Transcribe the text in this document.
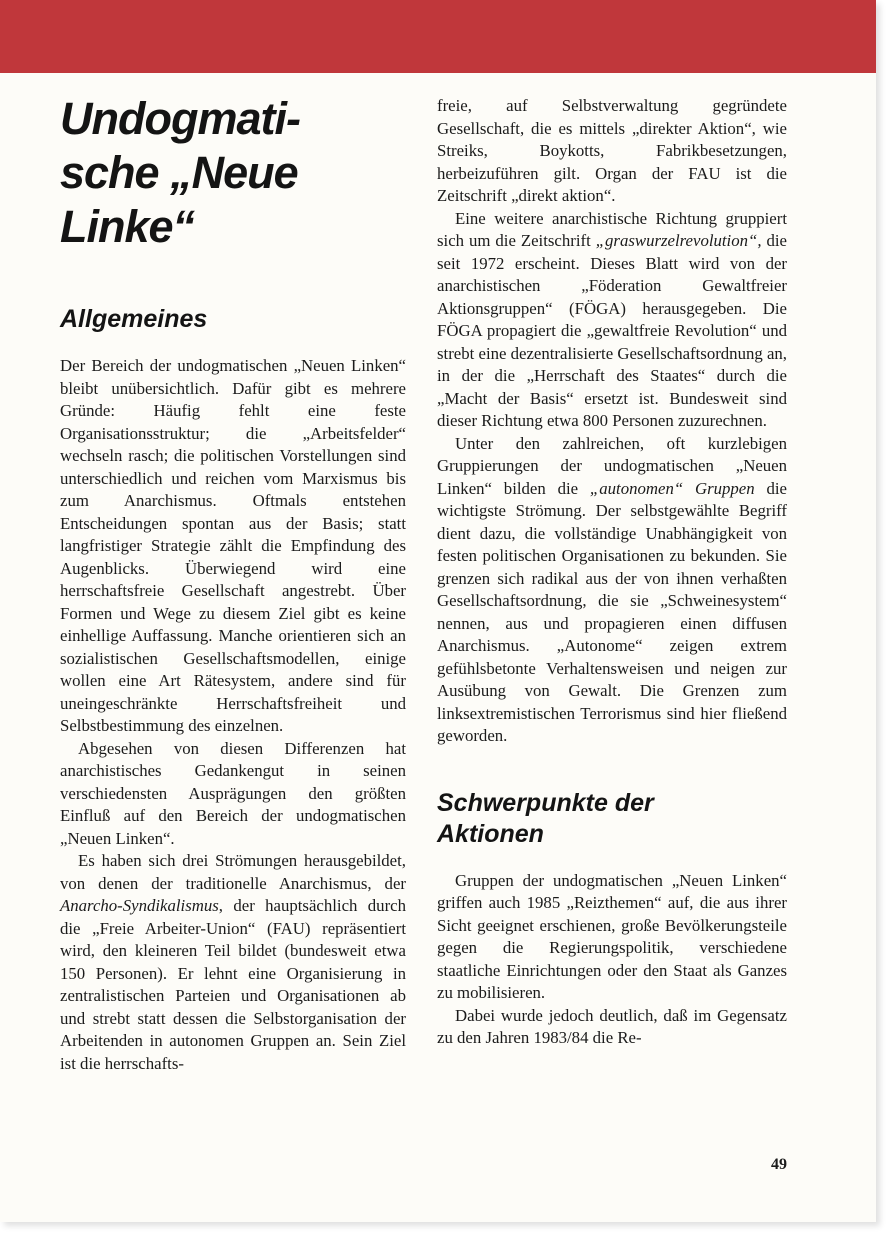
Undogmati-
sche „Neue
Linke“
Allgemeines

Der Bereich der undogmatischen „Neuen Linken“ bleibt unübersichtlich. Dafür gibt es mehrere Gründe: Häufig fehlt eine feste Organisationsstruktur; die „Arbeitsfelder“ wechseln rasch; die politischen Vorstellungen sind unterschiedlich und reichen vom Marxismus bis zum Anarchismus. Oftmals entstehen Entscheidungen spontan aus der Basis; statt langfristiger Strategie zählt die Empfindung des Augenblicks. Überwiegend wird eine herrschaftsfreie Gesellschaft angestrebt. Über Formen und Wege zu diesem Ziel gibt es keine einhellige Auffassung. Manche orientieren sich an sozialistischen Gesellschaftsmodellen, einige wollen eine Art Rätesystem, andere sind für uneingeschränkte Herrschaftsfreiheit und Selbstbestimmung des einzelnen.

Abgesehen von diesen Differenzen hat anarchistisches Gedankengut in seinen verschiedensten Ausprägungen den größten Einfluß auf den Bereich der undogmatischen „Neuen Linken“.

Es haben sich drei Strömungen herausgebildet, von denen der traditionelle Anarchismus, der Anarcho-Syndikalismus, der hauptsächlich durch die „Freie Arbeiter-Union“ (FAU) repräsentiert wird, den kleineren Teil bildet (bundesweit etwa 150 Personen). Er lehnt eine Organisierung in zentralistischen Parteien und Organisationen ab und strebt statt dessen die Selbstorganisation der Arbeitenden in autonomen Gruppen an. Sein Ziel ist die herrschafts-

freie, auf Selbstverwaltung gegründete Gesellschaft, die es mittels „direkter Aktion“, wie Streiks, Boykotts, Fabrikbesetzungen, herbeizuführen gilt. Organ der FAU ist die Zeitschrift „direkt aktion“.

Eine weitere anarchistische Richtung gruppiert sich um die Zeitschrift „graswurzelrevolution“, die seit 1972 erscheint. Dieses Blatt wird von der anarchistischen „Föderation Gewaltfreier Aktionsgruppen“ (FÖGA) herausgegeben. Die FÖGA propagiert die „gewaltfreie Revolution“ und strebt eine dezentralisierte Gesellschaftsordnung an, in der die „Herrschaft des Staates“ durch die „Macht der Basis“ ersetzt ist. Bundesweit sind dieser Richtung etwa 800 Personen zuzurechnen.

Unter den zahlreichen, oft kurzlebigen Gruppierungen der undogmatischen „Neuen Linken“ bilden die „autonomen“ Gruppen die wichtigste Strömung. Der selbstgewählte Begriff dient dazu, die vollständige Unabhängigkeit von festen politischen Organisationen zu bekunden. Sie grenzen sich radikal aus der von ihnen verhaßten Gesellschaftsordnung, die sie „Schweinesystem“ nennen, aus und propagieren einen diffusen Anarchismus. „Autonome“ zeigen extrem gefühlsbetonte Verhaltensweisen und neigen zur Ausübung von Gewalt. Die Grenzen zum linksextremistischen Terrorismus sind hier fließend geworden.

Schwerpunkte der
Aktionen

Gruppen der undogmatischen „Neuen Linken“ griffen auch 1985 „Reizthemen“ auf, die aus ihrer Sicht geeignet erschienen, große Bevölkerungsteile gegen die Regierungspolitik, verschiedene staatliche Einrichtungen oder den Staat als Ganzes zu mobilisieren.

Dabei wurde jedoch deutlich, daß im Gegensatz zu den Jahren 1983/84 die Re-

49
